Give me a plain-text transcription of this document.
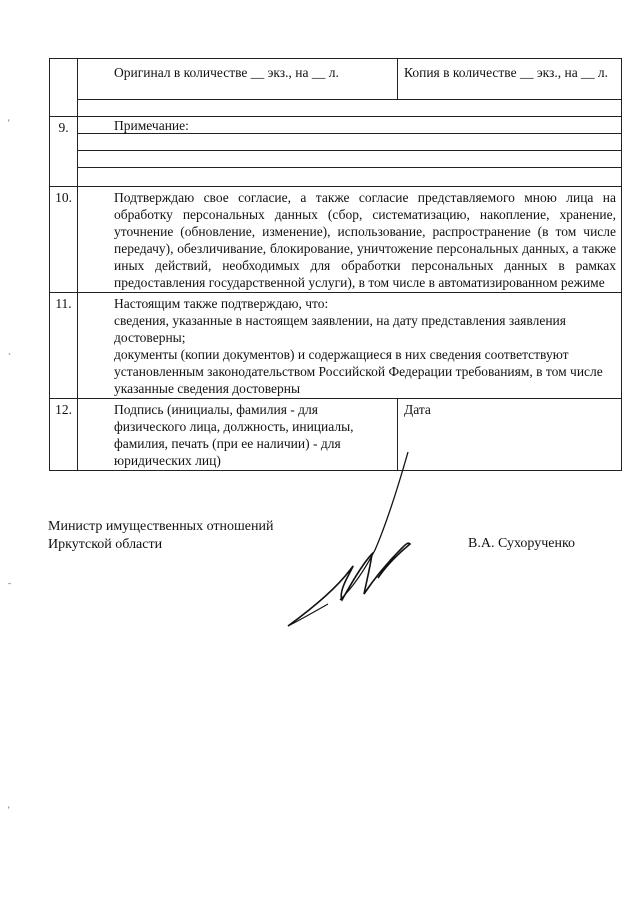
'
ˎ
ˍ
'

	Оригинал в количестве __ экз., на __ л.	Копия в количестве __ экз., на __ л.

9.	Примечание:	

10.	Подтверждаю свое согласие, а также согласие представляемого мною лица на обработку персональных данных (сбор, систематизацию, накопление, хранение, уточнение (обновление, изменение), использование, распространение (в том числе передачу), обезличивание, блокирование, уничтожение персональных данных, а также иных действий, необходимых для обработки персональных данных в рамках предоставления государственной услуги), в том числе в автоматизированном режиме	

11.	Настоящим также подтверждаю, что:
сведения, указанные в настоящем заявлении, на дату представления заявления достоверны;
документы (копии документов) и содержащиеся в них сведения соответствуют установленным законодательством Российской Федерации требованиям, в том числе указанные сведения достоверны	

12.	Подпись (инициалы, фамилия - для физического лица, должность, инициалы, фамилия, печать (при ее наличии) - для юридических лиц)	Дата
Министр имущественных отношений
Иркутской области	В.А. Сухорученко
